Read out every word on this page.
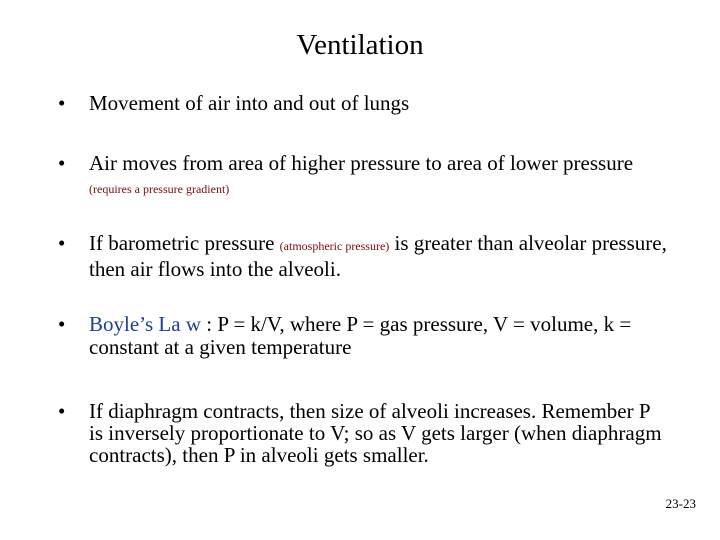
Ventilation
•	Movement of air into and out of lungs
•	Air moves from area of higher pressure to area of lower pressure (requires a pressure gradient)
•	If barometric pressure (atmospheric pressure) is greater than alveolar pressure, then air flows into the alveoli.
•	Boyle’s La w : P = k/V, where P = gas pressure, V = volume, k = constant at a given temperature
•	If diaphragm contracts, then size of alveoli increases. Remember P is inversely proportionate to V; so as V gets larger (when diaphragm contracts), then P in alveoli gets smaller.
23-23
